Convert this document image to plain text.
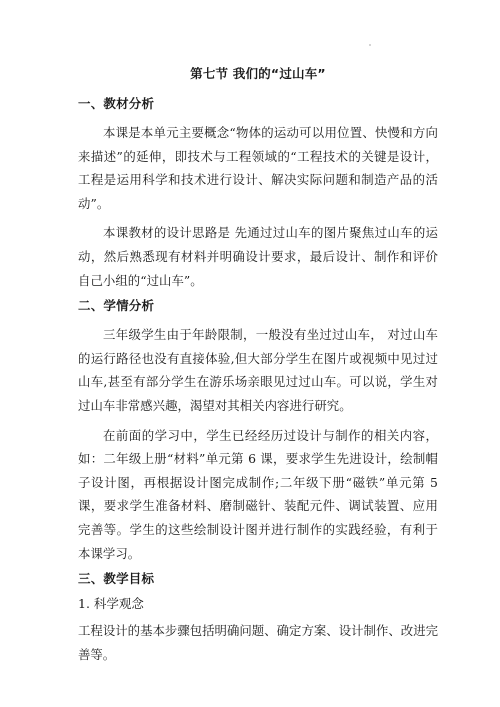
第七节 我们的“过山车”
一、教材分析

本课是本单元主要概念“物体的运动可以用位置、快慢和方向来描述”的延伸，即技术与工程领域的“工程技术的关键是设计，工程是运用科学和技术进行设计、解决实际问题和制造产品的活动”。

本课教材的设计思路是 先通过过山车的图片聚焦过山车的运动，然后熟悉现有材料并明确设计要求，最后设计、制作和评价自己小组的“过山车”。

二、学情分析

三年级学生由于年龄限制，一般没有坐过过山车， 对过山车的运行路径也没有直接体验,但大部分学生在图片或视频中见过过山车,甚至有部分学生在游乐场亲眼见过过山车。可以说，学生对过山车非常感兴趣，渴望对其相关内容进行研究。

在前面的学习中，学生已经经历过设计与制作的相关内容，如：二年级上册“材料”单元第 6 课，要求学生先进设计，绘制帽子设计图，再根据设计图完成制作;二年级下册“磁铁”单元第 5 课，要求学生准备材料、磨制磁针、装配元件、调试装置、应用完善等。学生的这些绘制设计图并进行制作的实践经验，有利于本课学习。

三、教学目标
1. 科学观念

工程设计的基本步骤包括明确问题、确定方案、设计制作、改进完善等。
